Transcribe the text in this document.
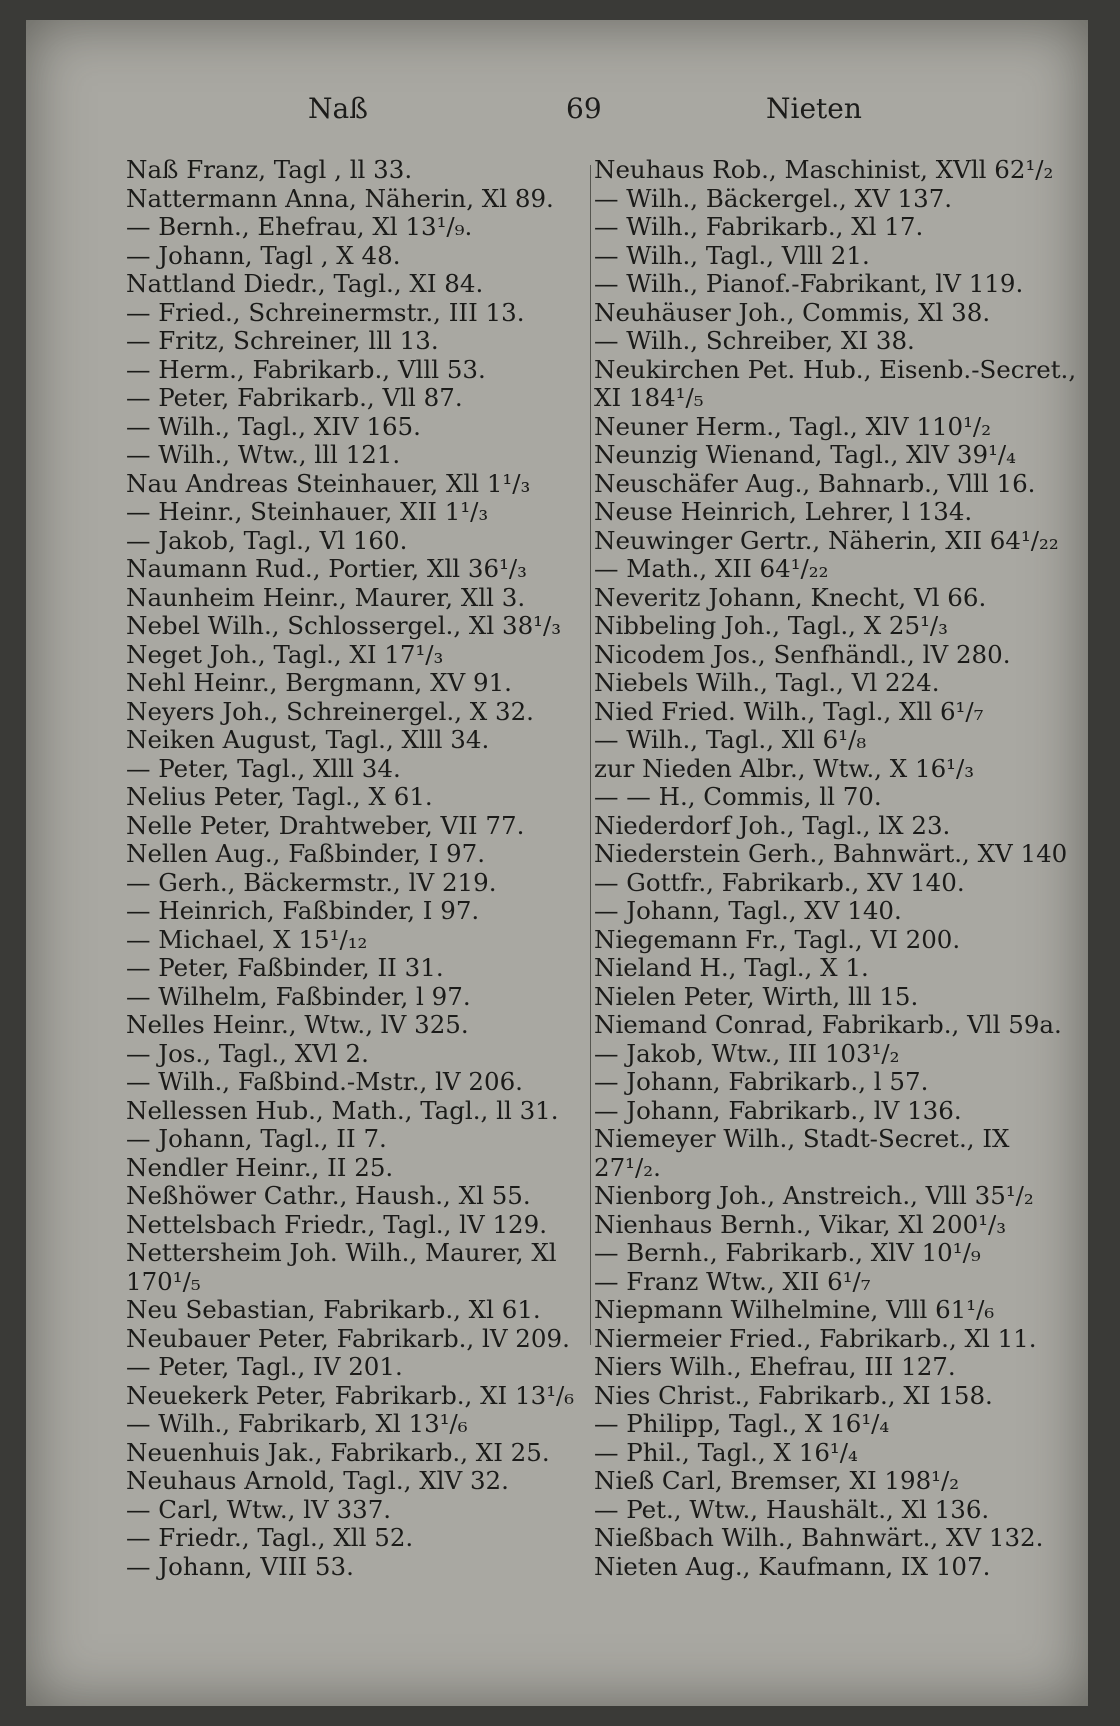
Naß	69	Nieten
Naß Franz, Tagl , ll 33.
Nattermann Anna, Näherin, Xl 89.
— Bernh., Ehefrau, Xl 13¹/₉.
— Johann, Tagl , X 48.
Nattland Diedr., Tagl., XI 84.
— Fried., Schreinermstr., III 13.
— Fritz, Schreiner, lll 13.
— Herm., Fabrikarb., Vlll 53.
— Peter, Fabrikarb., Vll 87.
— Wilh., Tagl., XIV 165.
— Wilh., Wtw., lll 121.
Nau Andreas Steinhauer, Xll 1¹/₃
— Heinr., Steinhauer, XII 1¹/₃
— Jakob, Tagl., Vl 160.
Naumann Rud., Portier, Xll 36¹/₃
Naunheim Heinr., Maurer, Xll 3.
Nebel Wilh., Schlossergel., Xl 38¹/₃
Neget Joh., Tagl., XI 17¹/₃
Nehl Heinr., Bergmann, XV 91.
Neyers Joh., Schreinergel., X 32.
Neiken August, Tagl., Xlll 34.
— Peter, Tagl., Xlll 34.
Nelius Peter, Tagl., X 61.
Nelle Peter, Drahtweber, VII 77.
Nellen Aug., Faßbinder, I 97.
— Gerh., Bäckermstr., lV 219.
— Heinrich, Faßbinder, I 97.
— Michael, X 15¹/₁₂
— Peter, Faßbinder, II 31.
— Wilhelm, Faßbinder, l 97.
Nelles Heinr., Wtw., lV 325.
— Jos., Tagl., XVl 2.
— Wilh., Faßbind.-Mstr., lV 206.
Nellessen Hub., Math., Tagl., ll 31.
— Johann, Tagl., II 7.
Nendler Heinr., II 25.
Neßhöwer Cathr., Haush., Xl 55.
Nettelsbach Friedr., Tagl., lV 129.
Nettersheim Joh. Wilh., Maurer, Xl
170¹/₅
Neu Sebastian, Fabrikarb., Xl 61.
Neubauer Peter, Fabrikarb., lV 209.
— Peter, Tagl., IV 201.
Neuekerk Peter, Fabrikarb., XI 13¹/₆
— Wilh., Fabrikarb, Xl 13¹/₆
Neuenhuis Jak., Fabrikarb., XI 25.
Neuhaus Arnold, Tagl., XlV 32.
— Carl, Wtw., lV 337.
— Friedr., Tagl., Xll 52.
— Johann, VIII 53.
Neuhaus Rob., Maschinist, XVll 62¹/₂
— Wilh., Bäckergel., XV 137.
— Wilh., Fabrikarb., Xl 17.
— Wilh., Tagl., Vlll 21.
— Wilh., Pianof.-Fabrikant, lV 119.
Neuhäuser Joh., Commis, Xl 38.
— Wilh., Schreiber, XI 38.
Neukirchen Pet. Hub., Eisenb.-Secret.,
XI 184¹/₅
Neuner Herm., Tagl., XlV 110¹/₂
Neunzig Wienand, Tagl., XlV 39¹/₄
Neuschäfer Aug., Bahnarb., Vlll 16.
Neuse Heinrich, Lehrer, l 134.
Neuwinger Gertr., Näherin, XII 64¹/₂₂
— Math., XII 64¹/₂₂
Neveritz Johann, Knecht, Vl 66.
Nibbeling Joh., Tagl., X 25¹/₃
Nicodem Jos., Senfhändl., lV 280.
Niebels Wilh., Tagl., Vl 224.
Nied Fried. Wilh., Tagl., Xll 6¹/₇
— Wilh., Tagl., Xll 6¹/₈
zur Nieden Albr., Wtw., X 16¹/₃
— — H., Commis, ll 70.
Niederdorf Joh., Tagl., lX 23.
Niederstein Gerh., Bahnwärt., XV 140
— Gottfr., Fabrikarb., XV 140.
— Johann, Tagl., XV 140.
Niegemann Fr., Tagl., VI 200.
Nieland H., Tagl., X 1.
Nielen Peter, Wirth, lll 15.
Niemand Conrad, Fabrikarb., Vll 59a.
— Jakob, Wtw., III 103¹/₂
— Johann, Fabrikarb., l 57.
— Johann, Fabrikarb., lV 136.
Niemeyer Wilh., Stadt-Secret., IX
27¹/₂.
Nienborg Joh., Anstreich., Vlll 35¹/₂
Nienhaus Bernh., Vikar, Xl 200¹/₃
— Bernh., Fabrikarb., XlV 10¹/₉
— Franz Wtw., XII 6¹/₇
Niepmann Wilhelmine, Vlll 61¹/₆
Niermeier Fried., Fabrikarb., Xl 11.
Niers Wilh., Ehefrau, III 127.
Nies Christ., Fabrikarb., XI 158.
— Philipp, Tagl., X 16¹/₄
— Phil., Tagl., X 16¹/₄
Nieß Carl, Bremser, XI 198¹/₂
— Pet., Wtw., Haushält., Xl 136.
Nießbach Wilh., Bahnwärt., XV 132.
Nieten Aug., Kaufmann, IX 107.
